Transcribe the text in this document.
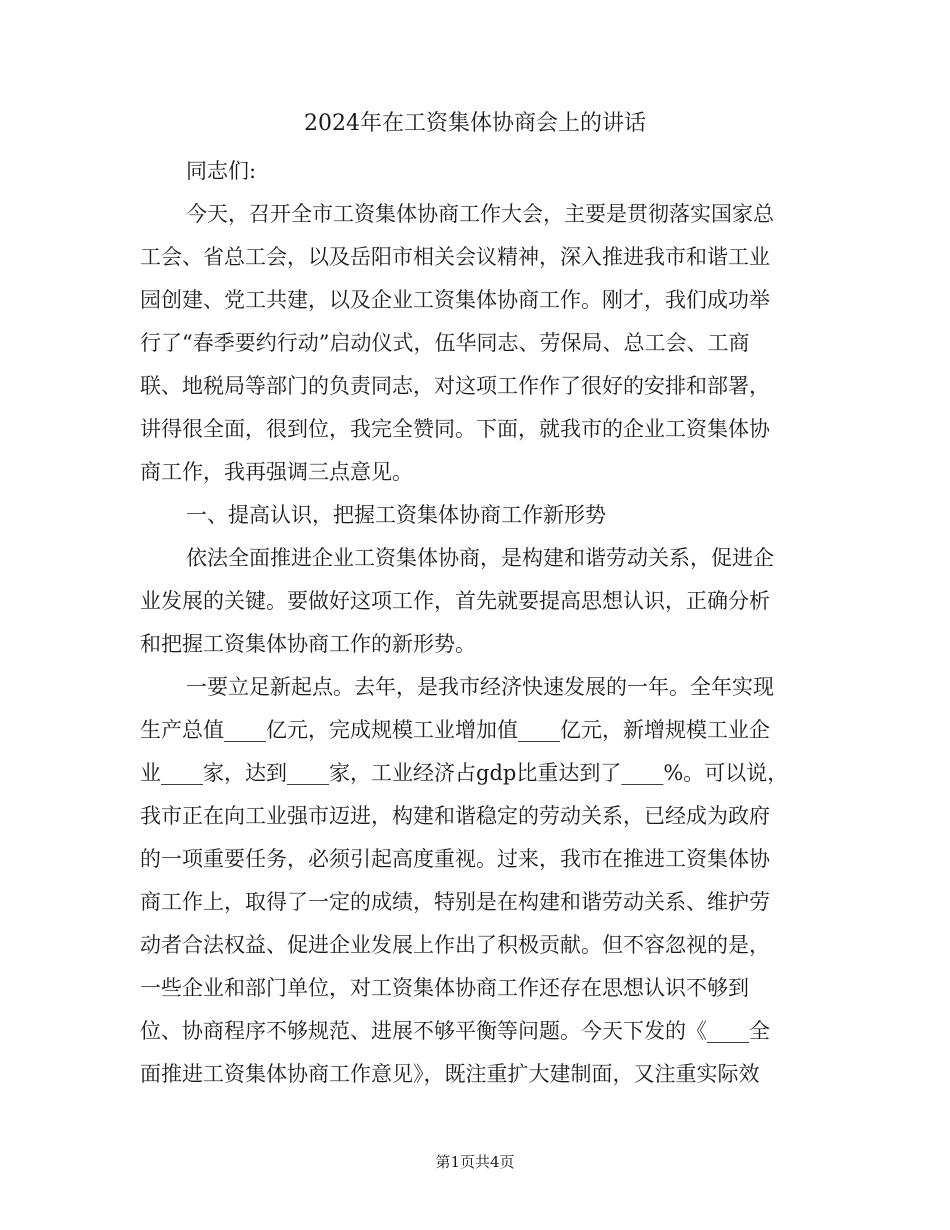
2024年在工资集体协商会上的讲话
同志们:
今天，召开全市工资集体协商工作大会，主要是贯彻落实国家总
工会、省总工会，以及岳阳市相关会议精神，深入推进我市和谐工业
园创建、党工共建，以及企业工资集体协商工作。刚才，我们成功举
行了“春季要约行动”启动仪式，伍华同志、劳保局、总工会、工商
联、地税局等部门的负责同志，对这项工作作了很好的安排和部署，
讲得很全面，很到位，我完全赞同。下面，就我市的企业工资集体协
商工作，我再强调三点意见。
一、提高认识，把握工资集体协商工作新形势
依法全面推进企业工资集体协商，是构建和谐劳动关系，促进企
业发展的关键。要做好这项工作，首先就要提高思想认识，正确分析
和把握工资集体协商工作的新形势。
一要立足新起点。去年，是我市经济快速发展的一年。全年实现
生产总值____亿元，完成规模工业增加值____亿元，新增规模工业企
业____家，达到____家，工业经济占gdp比重达到了____%。可以说，
我市正在向工业强市迈进，构建和谐稳定的劳动关系，已经成为政府
的一项重要任务，必须引起高度重视。过来，我市在推进工资集体协
商工作上，取得了一定的成绩，特别是在构建和谐劳动关系、维护劳
动者合法权益、促进企业发展上作出了积极贡献。但不容忽视的是，
一些企业和部门单位，对工资集体协商工作还存在思想认识不够到
位、协商程序不够规范、进展不够平衡等问题。今天下发的《____全
面推进工资集体协商工作意见》，既注重扩大建制面，又注重实际效
第1页共4页
